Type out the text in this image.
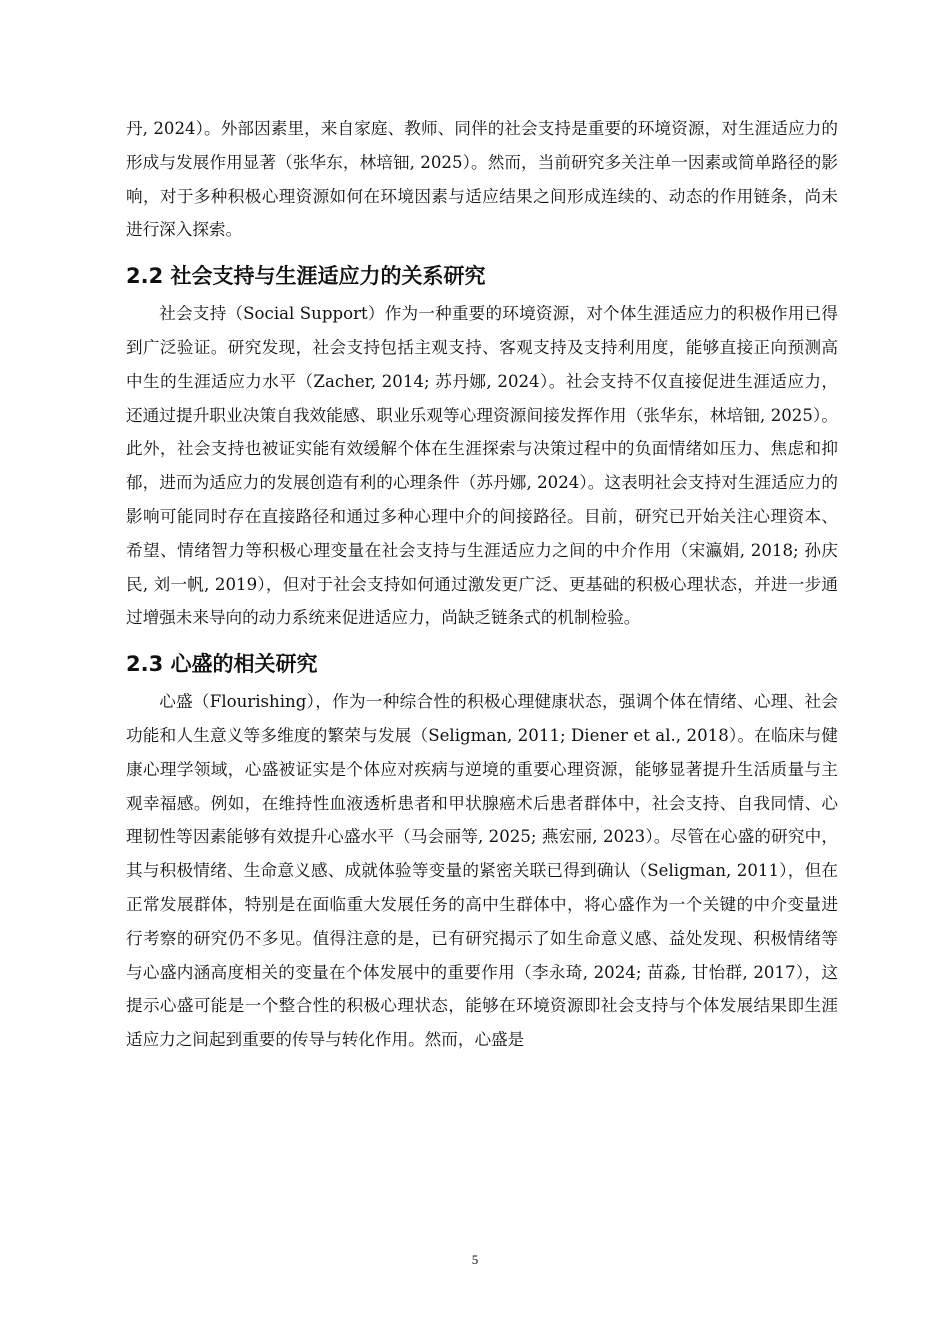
丹, 2024）。外部因素里，来自家庭、教师、同伴的社会支持是重要的环境资源，对生涯适应力的形成与发展作用显著（张华东，林培钿, 2025）。然而，当前研究多关注单一因素或简单路径的影响，对于多种积极心理资源如何在环境因素与适应结果之间形成连续的、动态的作用链条，尚未进行深入探索。

2.2 社会支持与生涯适应力的关系研究

社会支持（Social Support）作为一种重要的环境资源，对个体生涯适应力的积极作用已得到广泛验证。研究发现，社会支持包括主观支持、客观支持及支持利用度，能够直接正向预测高中生的生涯适应力水平（Zacher, 2014; 苏丹娜, 2024）。社会支持不仅直接促进生涯适应力，还通过提升职业决策自我效能感、职业乐观等心理资源间接发挥作用（张华东，林培钿, 2025）。此外，社会支持也被证实能有效缓解个体在生涯探索与决策过程中的负面情绪如压力、焦虑和抑郁，进而为适应力的发展创造有利的心理条件（苏丹娜, 2024）。这表明社会支持对生涯适应力的影响可能同时存在直接路径和通过多种心理中介的间接路径。目前，研究已开始关注心理资本、希望、情绪智力等积极心理变量在社会支持与生涯适应力之间的中介作用（宋瀛娟, 2018; 孙庆民, 刘一帆, 2019），但对于社会支持如何通过激发更广泛、更基础的积极心理状态，并进一步通过增强未来导向的动力系统来促进适应力，尚缺乏链条式的机制检验。

2.3 心盛的相关研究

心盛（Flourishing），作为一种综合性的积极心理健康状态，强调个体在情绪、心理、社会功能和人生意义等多维度的繁荣与发展（Seligman, 2011; Diener et al., 2018）。在临床与健康心理学领域，心盛被证实是个体应对疾病与逆境的重要心理资源，能够显著提升生活质量与主观幸福感。例如，在维持性血液透析患者和甲状腺癌术后患者群体中，社会支持、自我同情、心理韧性等因素能够有效提升心盛水平（马会丽等, 2025; 燕宏丽, 2023）。尽管在心盛的研究中，其与积极情绪、生命意义感、成就体验等变量的紧密关联已得到确认（Seligman, 2011），但在正常发展群体，特别是在面临重大发展任务的高中生群体中，将心盛作为一个关键的中介变量进行考察的研究仍不多见。值得注意的是，已有研究揭示了如生命意义感、益处发现、积极情绪等与心盛内涵高度相关的变量在个体发展中的重要作用（李永琦, 2024; 苗淼, 甘怡群, 2017），这提示心盛可能是一个整合性的积极心理状态，能够在环境资源即社会支持与个体发展结果即生涯适应力之间起到重要的传导与转化作用。然而，心盛是

5
